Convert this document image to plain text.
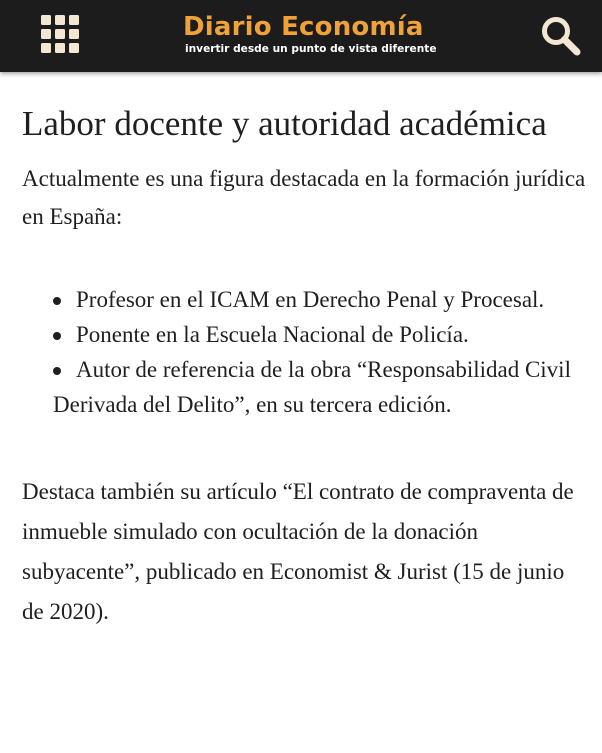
Diario Economía
invertir desde un punto de vista diferente
Labor docente y autoridad académica

Actualmente es una figura destacada en la formación jurídica en España:

Profesor en el ICAM en Derecho Penal y Procesal.
Ponente en la Escuela Nacional de Policía.
Autor de referencia de la obra “Responsabilidad Civil Derivada del Delito”, en su tercera edición.

Destaca también su artículo “El contrato de compraventa de inmueble simulado con ocultación de la donación subyacente”, publicado en Economist & Jurist (15 de junio de 2020).
